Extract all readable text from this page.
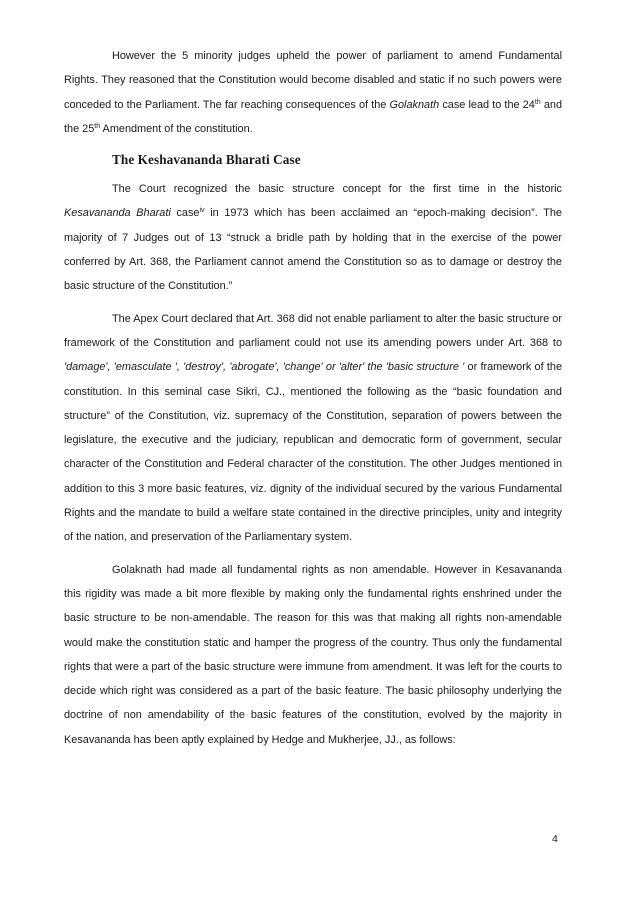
However the 5 minority judges upheld the power of parliament to amend Fundamental Rights. They reasoned that the Constitution would become disabled and static if no such powers were conceded to the Parliament. The far reaching consequences of the Golaknath case lead to the 24th and the 25th Amendment of the constitution.

The Keshavananda Bharati Case

The Court recognized the basic structure concept for the first time in the historic Kesavananda Bharati case$^{iv}$ in 1973 which has been acclaimed an “epoch-making decision”. The majority of 7 Judges out of 13 “struck a bridle path by holding that in the exercise of the power conferred by Art. 368, the Parliament cannot amend the Constitution so as to damage or destroy the basic structure of the Constitution.”

The Apex Court declared that Art. 368 did not enable parliament to alter the basic structure or framework of the Constitution and parliament could not use its amending powers under Art. 368 to 'damage', 'emasculate ', 'destroy', 'abrogate', 'change' or 'alter' the 'basic structure ' or framework of the constitution. In this seminal case Sikri, CJ., mentioned the following as the “basic foundation and structure” of the Constitution, viz. supremacy of the Constitution, separation of powers between the legislature, the executive and the judiciary, republican and democratic form of government, secular character of the Constitution and Federal character of the constitution. The other Judges mentioned in addition to this 3 more basic features, viz. dignity of the individual secured by the various Fundamental Rights and the mandate to build a welfare state contained in the directive principles, unity and integrity of the nation, and preservation of the Parliamentary system.

Golaknath had made all fundamental rights as non amendable. However in Kesavananda this rigidity was made a bit more flexible by making only the fundamental rights enshrined under the basic structure to be non-amendable. The reason for this was that making all rights non-amendable would make the constitution static and hamper the progress of the country. Thus only the fundamental rights that were a part of the basic structure were immune from amendment. It was left for the courts to decide which right was considered as a part of the basic feature. The basic philosophy underlying the doctrine of non amendability of the basic features of the constitution, evolved by the majority in Kesavananda has been aptly explained by Hedge and Mukherjee, JJ., as follows:

4
